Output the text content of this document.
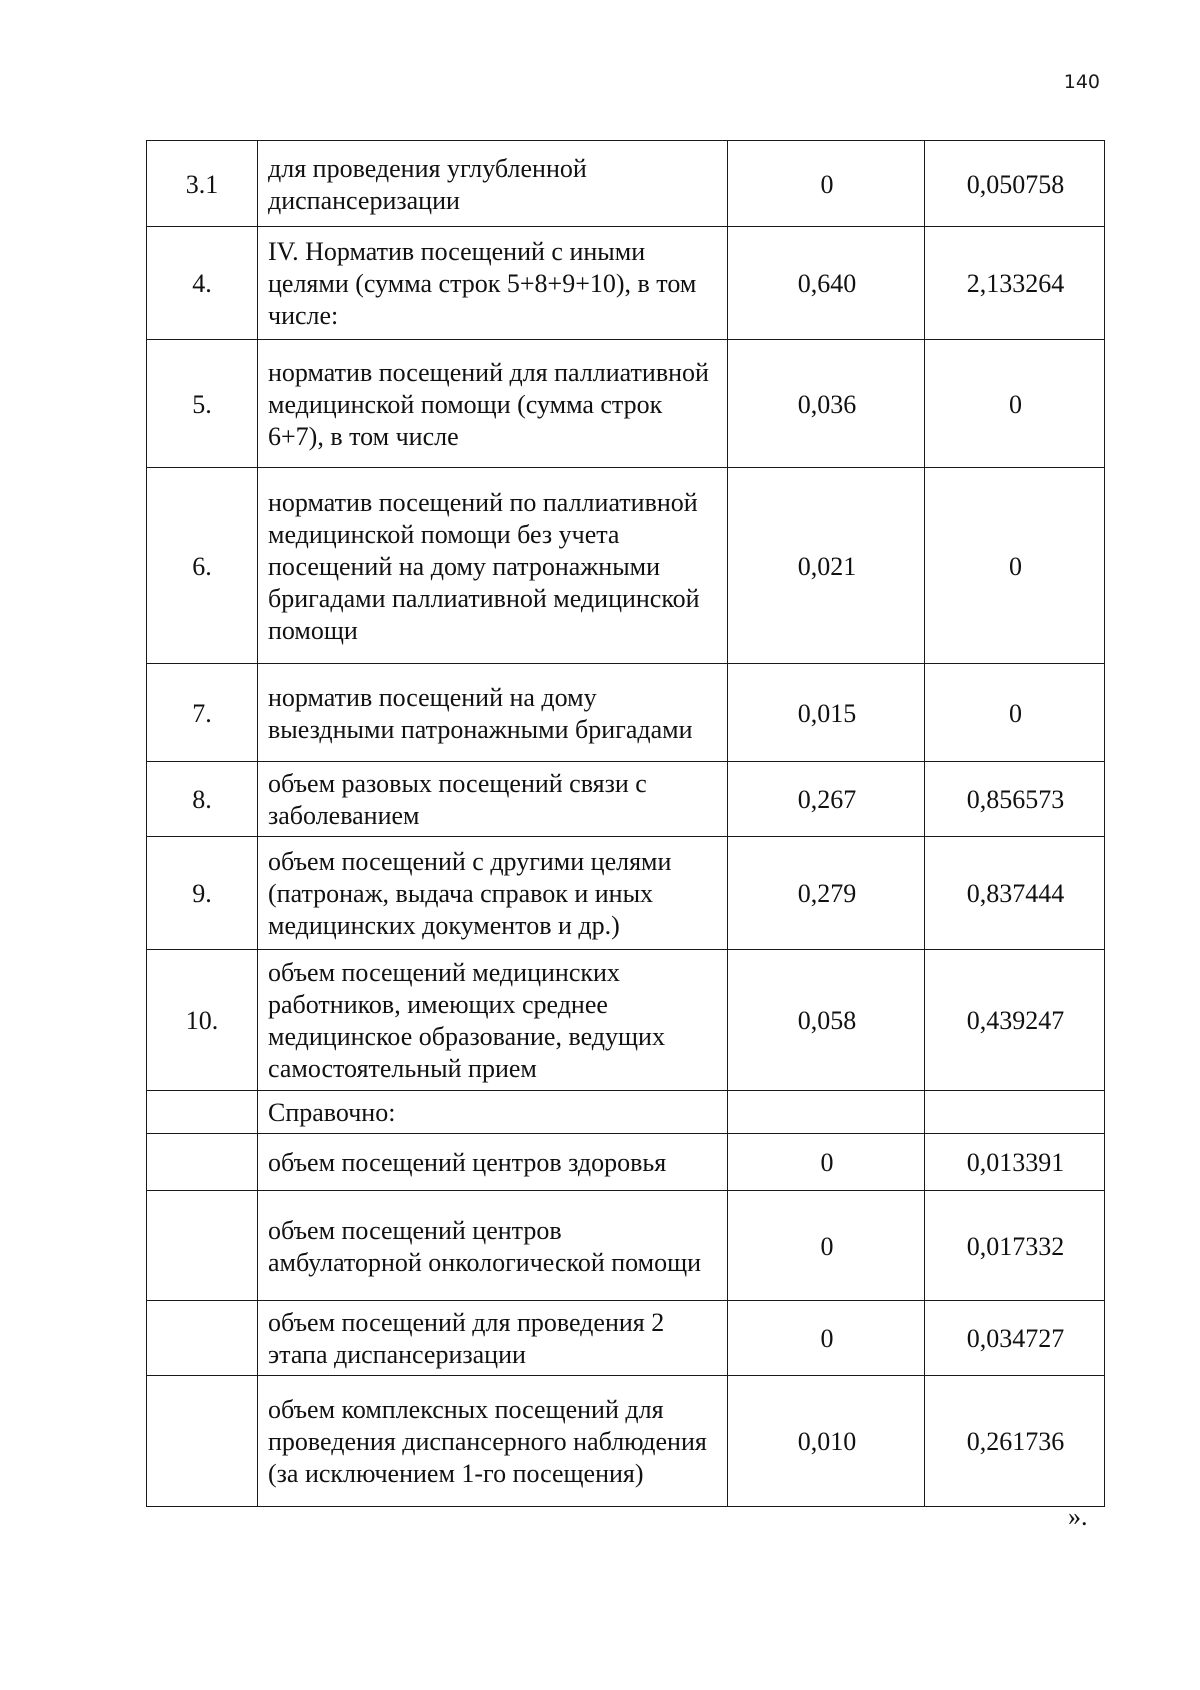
140
3.1	для проведения углубленной диспансеризации	0	0,050758
4.	IV. Норматив посещений с иными целями (сумма строк 5+8+9+10), в том числе:	0,640	2,133264
5.	норматив посещений для паллиативной медицинской помощи (сумма строк 6+7), в том числе	0,036	0
6.	норматив посещений по паллиативной медицинской помощи без учета посещений на дому патронажными бригадами паллиативной медицинской помощи	0,021	0
7.	норматив посещений на дому выездными патронажными бригадами	0,015	0
8.	объем разовых посещений связи с заболеванием	0,267	0,856573
9.	объем посещений с другими целями (патронаж, выдача справок и иных медицинских документов и др.)	0,279	0,837444
10.	объем посещений медицинских работников, имеющих среднее медицинское образование, ведущих самостоятельный прием	0,058	0,439247
	Справочно:		
	объем посещений центров здоровья	0	0,013391
	объем посещений центров амбулаторной онкологической помощи	0	0,017332
	объем посещений для проведения 2 этапа диспансеризации	0	0,034727
	объем комплексных посещений для проведения диспансерного наблюдения (за исключением 1-го посещения)	0,010	0,261736
».
